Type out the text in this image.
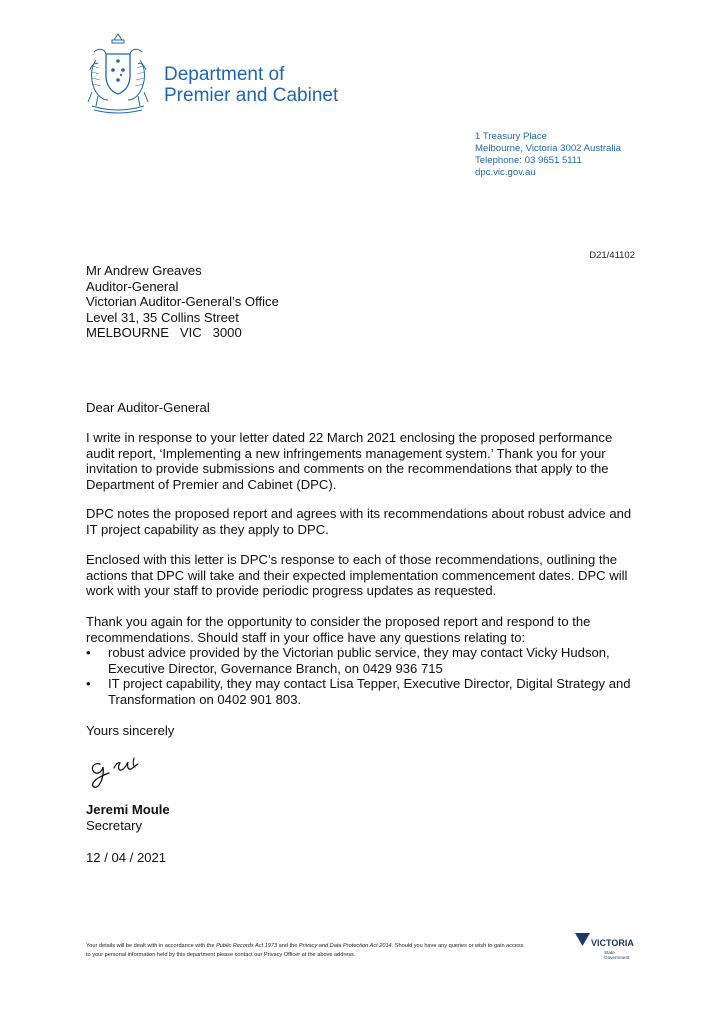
Department of
Premier and Cabinet
1 Treasury Place
Melbourne, Victoria 3002 Australia
Telephone: 03 9651 5111
dpc.vic.gov.au
D21/41102
Mr Andrew Greaves
Auditor-General
Victorian Auditor-General’s Office
Level 31, 35 Collins Street
MELBOURNE   VIC   3000
Dear Auditor-General

I write in response to your letter dated 22 March 2021 enclosing the proposed performance audit report, ‘Implementing a new infringements management system.’ Thank you for your invitation to provide submissions and comments on the recommendations that apply to the Department of Premier and Cabinet (DPC).

DPC notes the proposed report and agrees with its recommendations about robust advice and IT project capability as they apply to DPC.

Enclosed with this letter is DPC’s response to each of those recommendations, outlining the actions that DPC will take and their expected implementation commencement dates. DPC will work with your staff to provide periodic progress updates as requested.

Thank you again for the opportunity to consider the proposed report and respond to the recommendations. Should staff in your office have any questions relating to:

• robust advice provided by the Victorian public service, they may contact Vicky Hudson, Executive Director, Governance Branch, on 0429 936 715
• IT project capability, they may contact Lisa Tepper, Executive Director, Digital Strategy and Transformation on 0402 901 803.
Yours sincerely
Jeremi Moule
Secretary
12 / 04 / 2021
Your details will be dealt with in accordance with the Public Records Act 1973 and the Privacy and Data Protection Act 2014. Should you have any queries or wish to gain access to your personal information held by this department please contact our Privacy Officer at the above address.
VICTORIA
State
Government
